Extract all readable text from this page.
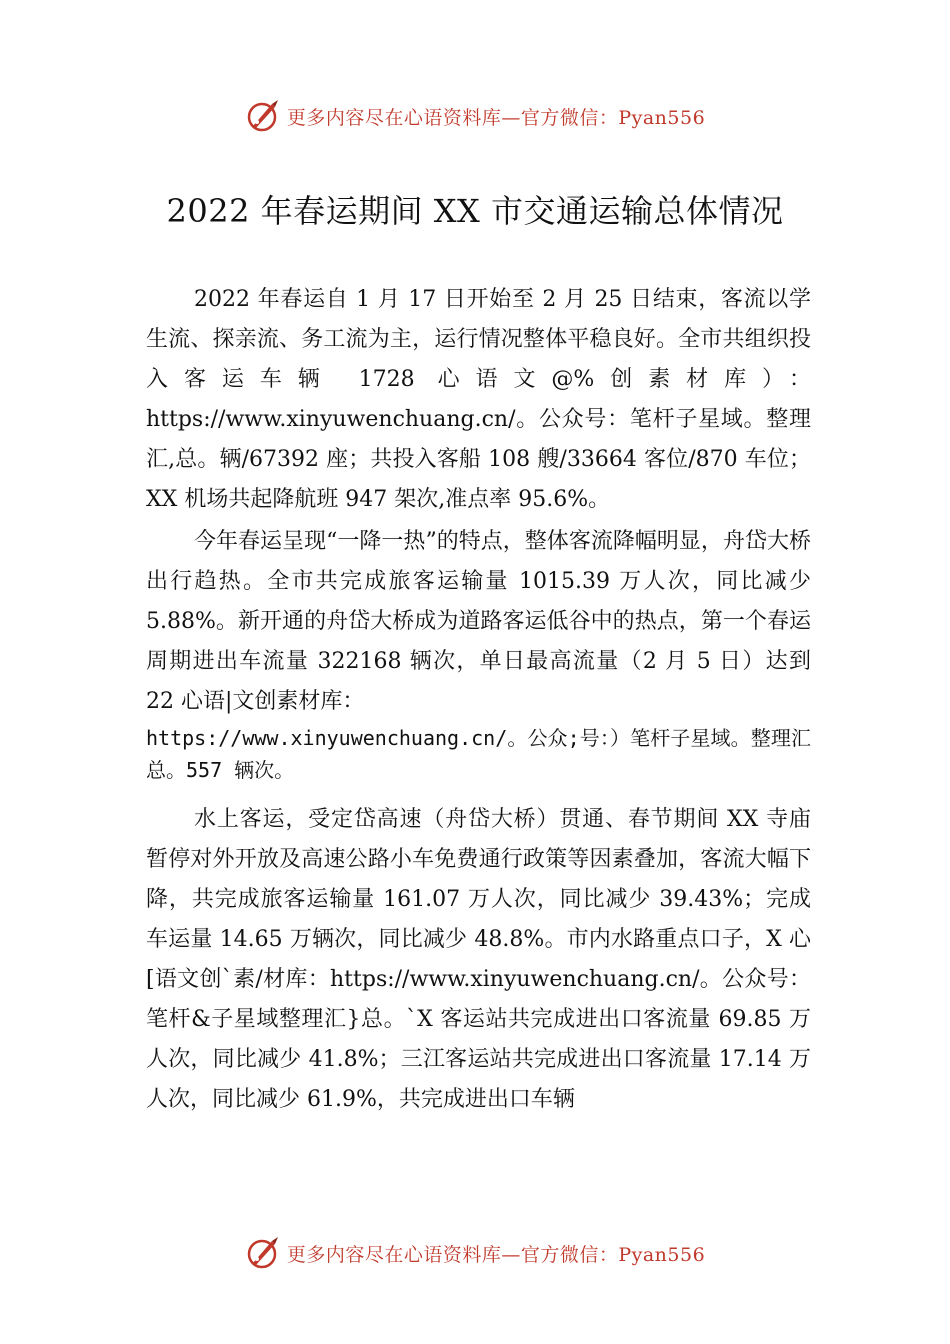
更多内容尽在心语资料库—官方微信：Pyan556
2022 年春运期间 XX 市交通运输总体情况

2022 年春运自 1 月 17 日开始至 2 月 25 日结束，客流以学生流、探亲流、务工流为主，运行情况整体平稳良好。全市共组织投入客运车辆 1728 心语文@%创素材库）：https://www.xinyuwenchuang.cn/。公众号：笔杆子星域。整理汇,总。辆/67392 座；共投入客船 108 艘/33664 客位/870 车位；XX 机场共起降航班 947 架次,准点率 95.6%。

今年春运呈现“一降一热”的特点，整体客流降幅明显，舟岱大桥出行趋热。全市共完成旅客运输量 1015.39 万人次，同比减少 5.88%。新开通的舟岱大桥成为道路客运低谷中的热点，第一个春运周期进出车流量 322168 辆次，单日最高流量（2 月 5 日）达到 22 心语|文创素材库：

https://www.xinyuwenchuang.cn/。公众;号：）笔杆子星域。整理汇总。557 辆次。

水上客运，受定岱高速（舟岱大桥）贯通、春节期间 XX 寺庙暂停对外开放及高速公路小车免费通行政策等因素叠加，客流大幅下降，共完成旅客运输量 161.07 万人次，同比减少 39.43%；完成车运量 14.65 万辆次，同比减少 48.8%。市内水路重点口子，X 心[语文创`素/材库：https://www.xinyuwenchuang.cn/。公众号：笔杆&子星域整理汇}总。`X 客运站共完成进出口客流量 69.85 万人次，同比减少 41.8%；三江客运站共完成进出口客流量 17.14 万人次，同比减少 61.9%，共完成进出口车辆

更多内容尽在心语资料库—官方微信：Pyan556
